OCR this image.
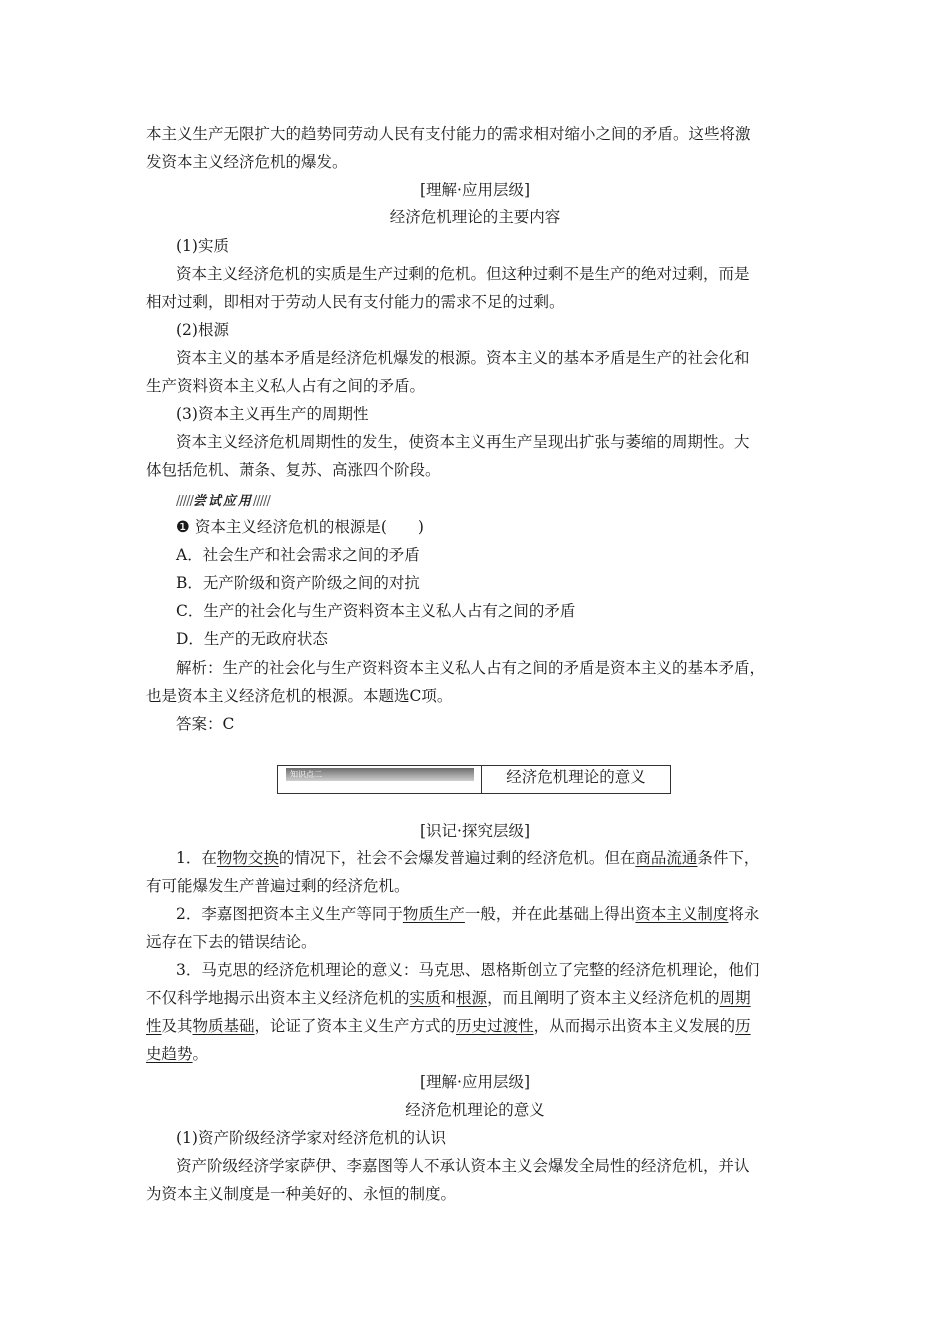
本主义生产无限扩大的趋势同劳动人民有支付能力的需求相对缩小之间的矛盾。这些将激
发资本主义经济危机的爆发。
[理解·应用层级]
经济危机理论的主要内容
(1)实质
资本主义经济危机的实质是生产过剩的危机。但这种过剩不是生产的绝对过剩，而是
相对过剩，即相对于劳动人民有支付能力的需求不足的过剩。
(2)根源
资本主义的基本矛盾是经济危机爆发的根源。资本主义的基本矛盾是生产的社会化和
生产资料资本主义私人占有之间的矛盾。
(3)资本主义再生产的周期性
资本主义经济危机周期性的发生，使资本主义再生产呈现出扩张与萎缩的周期性。大
体包括危机、萧条、复苏、高涨四个阶段。
/////尝试应用/////
❶ 资本主义经济危机的根源是(　　)
A．社会生产和社会需求之间的矛盾
B．无产阶级和资产阶级之间的对抗
C．生产的社会化与生产资料资本主义私人占有之间的矛盾
D．生产的无政府状态
解析：生产的社会化与生产资料资本主义私人占有之间的矛盾是资本主义的基本矛盾，
也是资本主义经济危机的根源。本题选C项。
答案：C
知识点二	经济危机理论的意义
[识记·探究层级]
1．在物物交换的情况下，社会不会爆发普遍过剩的经济危机。但在商品流通条件下，
有可能爆发生产普遍过剩的经济危机。
2．李嘉图把资本主义生产等同于物质生产一般，并在此基础上得出资本主义制度将永
远存在下去的错误结论。
3．马克思的经济危机理论的意义：马克思、恩格斯创立了完整的经济危机理论，他们
不仅科学地揭示出资本主义经济危机的实质和根源，而且阐明了资本主义经济危机的周期
性及其物质基础，论证了资本主义生产方式的历史过渡性，从而揭示出资本主义发展的历
史趋势。
[理解·应用层级]
经济危机理论的意义
(1)资产阶级经济学家对经济危机的认识
资产阶级经济学家萨伊、李嘉图等人不承认资本主义会爆发全局性的经济危机，并认
为资本主义制度是一种美好的、永恒的制度。
